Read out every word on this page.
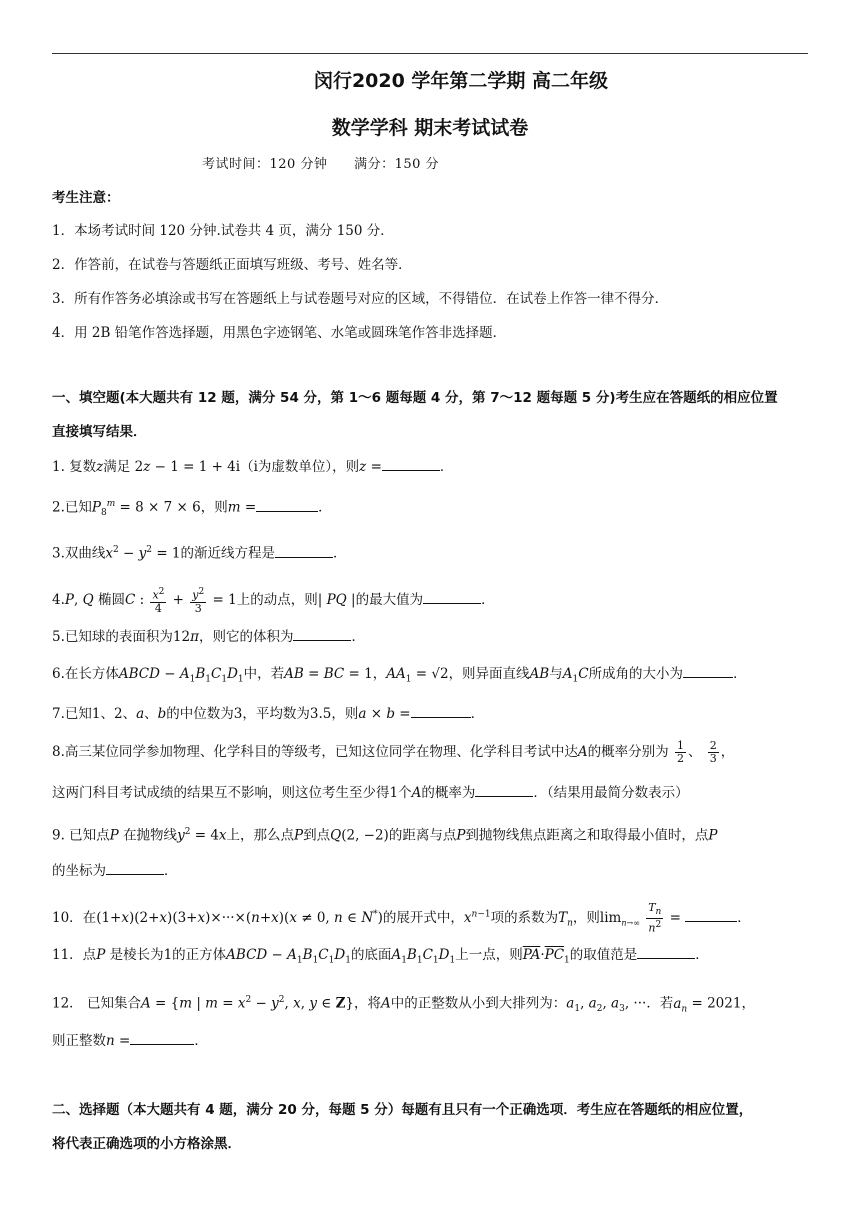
闵行2020 学年第二学期 高二年级
数学学科 期末考试试卷
考试时间：120 分钟 满分：150 分
考生注意：
1．本场考试时间 120 分钟.试卷共 4 页，满分 150 分．
2．作答前，在试卷与答题纸正面填写班级、考号、姓名等．
3．所有作答务必填涂或书写在答题纸上与试卷题号对应的区域，不得错位．在试卷上作答一律不得分．
4．用 2B 铅笔作答选择题，用黑色字迹钢笔、水笔或圆珠笔作答非选择题．
一、填空题(本大题共有 12 题，满分 54 分，第 1～6 题每题 4 分，第 7～12 题每题 5 分)考生应在答题纸的相应位置
直接填写结果．
1. 复数z满足 2z − 1 = 1 + 4i（i为虚数单位），则z =	．
2.已知$P_8^m = 8 \times 7 \times 6$，则m =	．
3.双曲线$x^2 - y^2 = 1$的渐近线方程是	．
4.P, Q 椭圆C : $\frac{x^2}{4} + \frac{y^2}{3} = 1$上的动点，则| PQ |的最大值为	．
5.已知球的表面积为12π，则它的体积为	．
6.在长方体ABCD − $A_1B_1C_1D_1$中，若AB = BC = 1，$AA_1 = √2$，则异面直线AB与$A_1C$所成角的大小为	．
7.已知1、2、a、b的中位数为3，平均数为3.5，则a × b =	．
8.高三某位同学参加物理、化学科目的等级考，已知这位同学在物理、化学科目考试中达A的概率分别为 $\frac{1}{2}$ 、 $\frac{2}{3}$ ，
这两门科目考试成绩的结果互不影响，则这位考生至少得1个A的概率为	．（结果用最简分数表示）
9. 已知点P 在抛物线$y^2 = 4x$上，那么点P到点Q(2, −2)的距离与点P到抛物线焦点距离之和取得最小值时，点P
的坐标为	．
10．在(1+x)(2+x)(3+x)×···×(n+x)(x ≠ 0, n ∈ N*)的展开式中，$x^{n-1}$项的系数为$T_n$，则$\lim_{n\to\infty} \frac{T_n}{n^2}$ =	．
11．点P 是棱长为1的正方体ABCD − $A_1B_1C_1D_1$的底面$A_1B_1C_1D_1$上一点，则$\overline{PA}\cdot\overline{PC}_1$的取值范是	．
12． 已知集合A = {m | $m = x^2 - y^2$, x, y ∈ Z}，将A中的正整数从小到大排列为：$a_1$, $a_2$, $a_3$, ···．若$a_n = 2021$，
则正整数n =	．
二、选择题（本大题共有 4 题，满分 20 分，每题 5 分）每题有且只有一个正确选项．考生应在答题纸的相应位置，
将代表正确选项的小方格涂黑．
